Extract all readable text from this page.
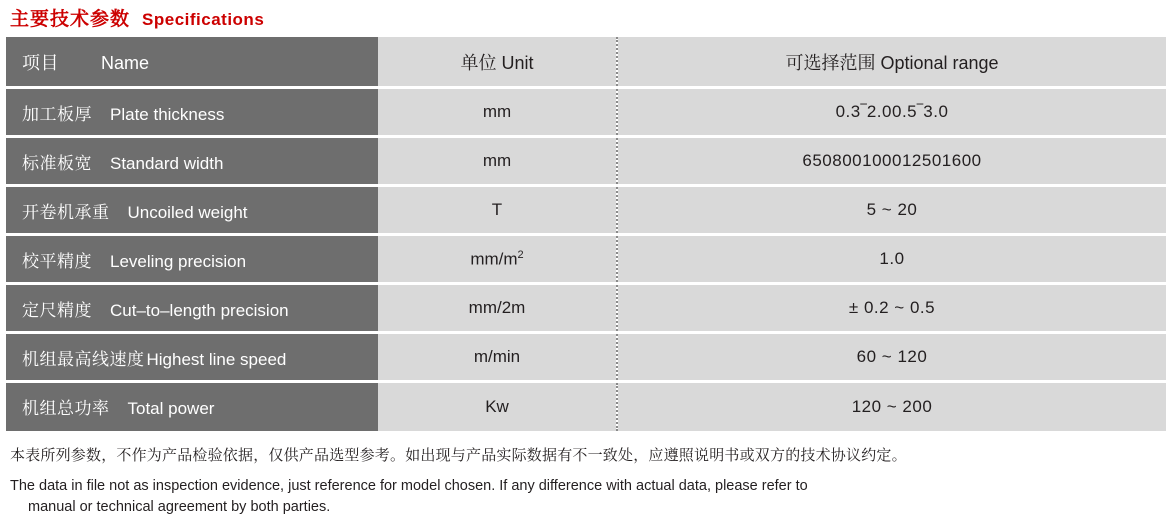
主要技术参数 Specifications
项目 Name	单位 Unit	可选择范围 Optional range

加工板厚 Plate thickness	mm	0.3‾2.00.5‾3.0

标准板宽 Standard width	mm	650800100012501600

开卷机承重 Uncoiled weight	T	5 ~ 20

校平精度 Leveling precision	$mm/m^2$	1.0

定尺精度 Cut–to–length precision	mm/2m	± 0.2 ~ 0.5

机组最高线速度 Highest line speed	m/min	60 ~ 120

机组总功率 Total power	Kw	120 ~ 200
本表所列参数，不作为产品检验依据，仅供产品选型参考。如出现与产品实际数据有不一致处，应遵照说明书或双方的技术协议约定。
The data in file not as inspection evidence, just reference for model chosen. If any difference with actual data, please refer to
manual or technical agreement by both parties.
